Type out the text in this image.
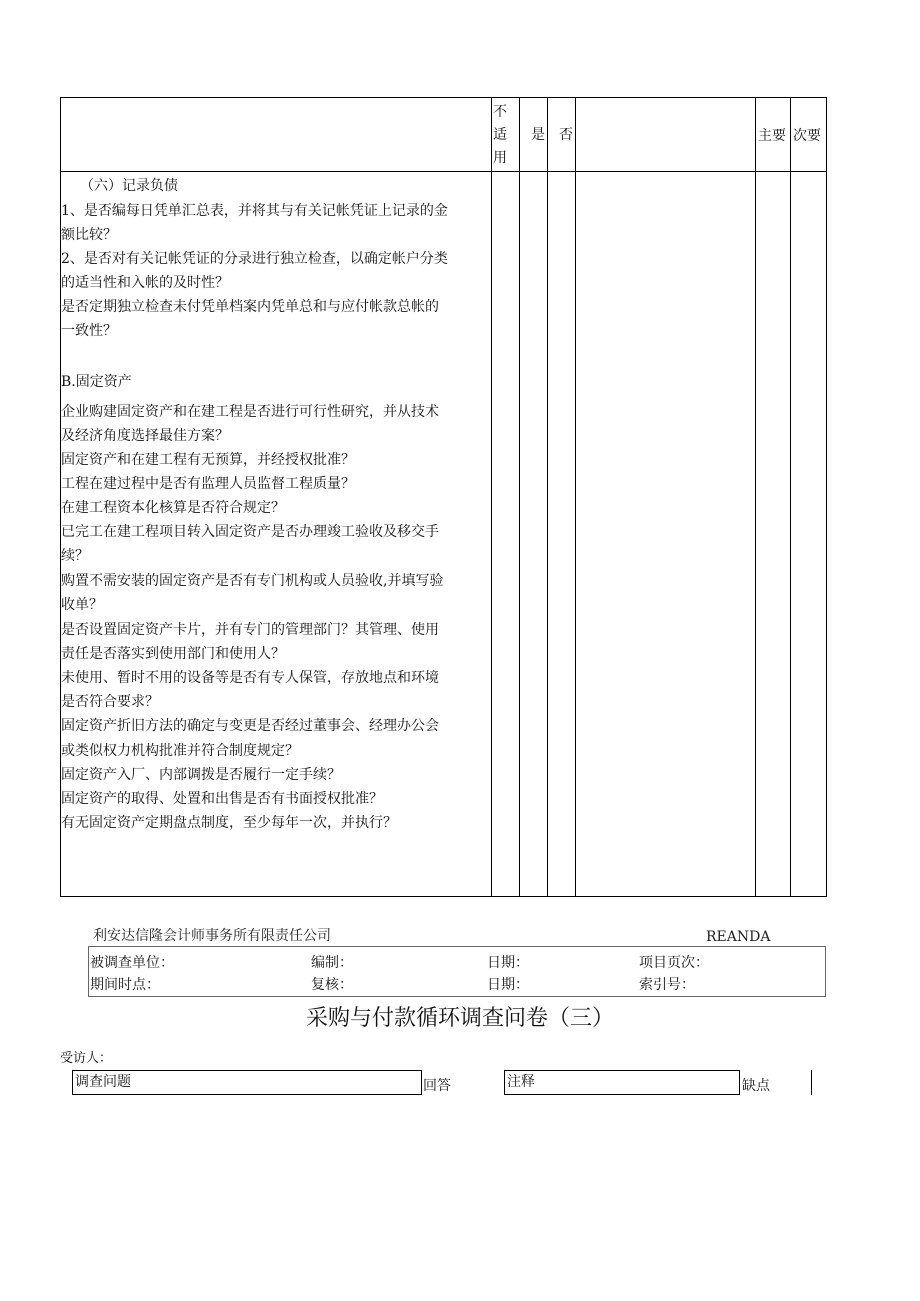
不
适
用
是 否	主要 次要
（六）记录负债
1、是否编每日凭单汇总表，并将其与有关记帐凭证上记录的金
额比较？
2、是否对有关记帐凭证的分录进行独立检查，以确定帐户分类
的适当性和入帐的及时性？
是否定期独立检查未付凭单档案内凭单总和与应付帐款总帐的
一致性？
B.固定资产
企业购建固定资产和在建工程是否进行可行性研究，并从技术
及经济角度选择最佳方案？
固定资产和在建工程有无预算，并经授权批准？
工程在建过程中是否有监理人员监督工程质量？
在建工程资本化核算是否符合规定？
已完工在建工程项目转入固定资产是否办理竣工验收及移交手
续？
购置不需安装的固定资产是否有专门机构或人员验收,并填写验
收单？
是否设置固定资产卡片，并有专门的管理部门？其管理、使用
责任是否落实到使用部门和使用人？
未使用、暂时不用的设备等是否有专人保管，存放地点和环境
是否符合要求？
固定资产折旧方法的确定与变更是否经过董事会、经理办公会
或类似权力机构批准并符合制度规定？
固定资产入厂、内部调拨是否履行一定手续？
固定资产的取得、处置和出售是否有书面授权批准？
有无固定资产定期盘点制度，至少每年一次，并执行？
利安达信隆会计师事务所有限责任公司	REANDA
被调查单位：	编制：	日期：	项目页次：
期间时点：	复核：	日期：	索引号：
采购与付款循环调查问卷（三）
受访人：
调查问题	回答	注释	缺点
